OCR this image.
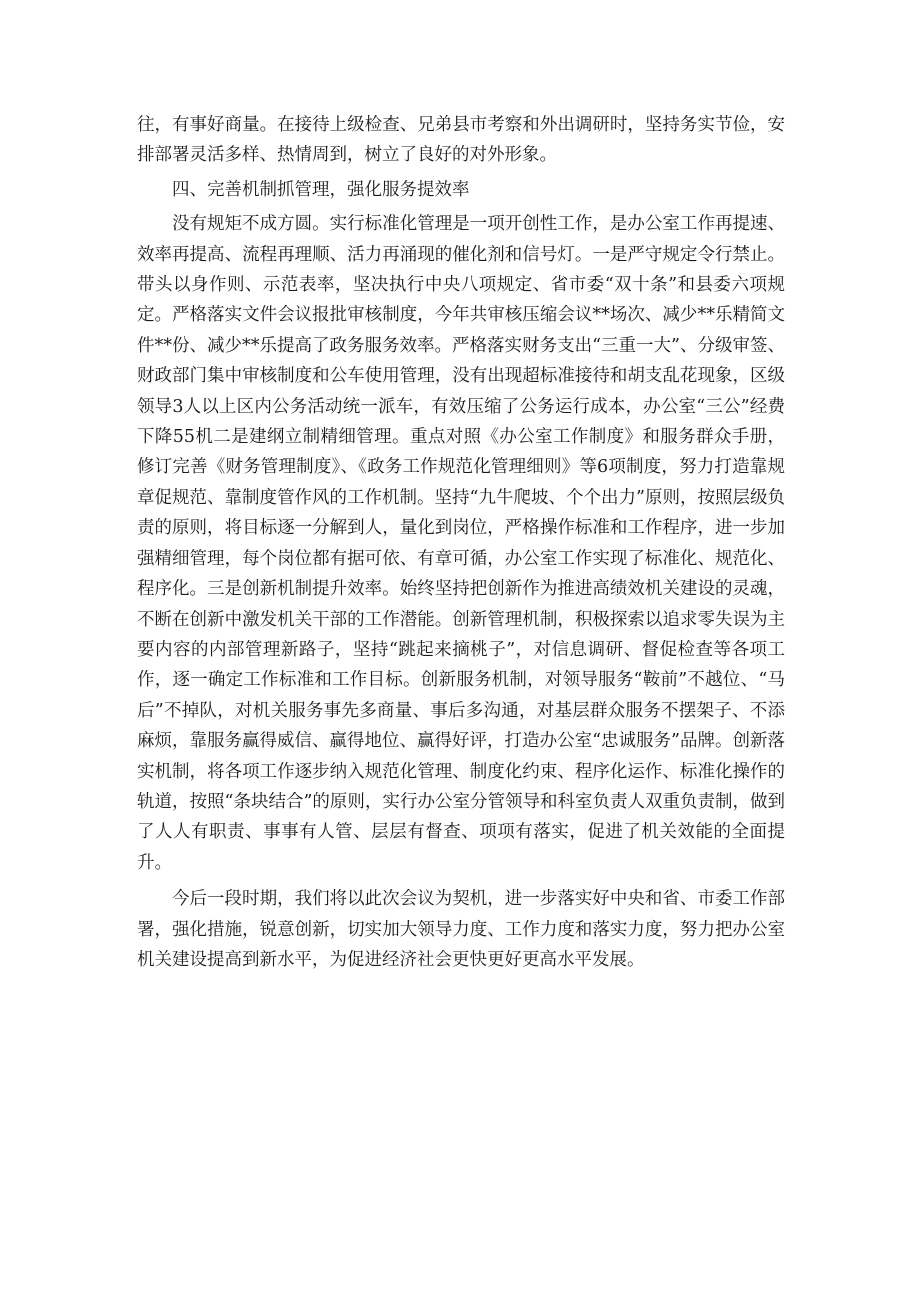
往，有事好商量。在接待上级检查、兄弟县市考察和外出调研时，坚持务实节俭，安排部署灵活多样、热情周到，树立了良好的对外形象。

四、完善机制抓管理，强化服务提效率

没有规矩不成方圆。实行标准化管理是一项开创性工作，是办公室工作再提速、效率再提高、流程再理顺、活力再涌现的催化剂和信号灯。一是严守规定令行禁止。带头以身作则、示范表率，坚决执行中央八项规定、省市委“双十条”和县委六项规定。严格落实文件会议报批审核制度，今年共审核压缩会议**场次、减少**乐精简文件**份、减少**乐提高了政务服务效率。严格落实财务支出“三重一大”、分级审签、财政部门集中审核制度和公车使用管理，没有出现超标准接待和胡支乱花现象，区级领导3人以上区内公务活动统一派车，有效压缩了公务运行成本，办公室“三公”经费下降55机二是建纲立制精细管理。重点对照《办公室工作制度》和服务群众手册，修订完善《财务管理制度》、《政务工作规范化管理细则》等6项制度，努力打造靠规章促规范、靠制度管作风的工作机制。坚持“九牛爬坡、个个出力”原则，按照层级负责的原则，将目标逐一分解到人，量化到岗位，严格操作标准和工作程序，进一步加强精细管理，每个岗位都有据可依、有章可循，办公室工作实现了标准化、规范化、程序化。三是创新机制提升效率。始终坚持把创新作为推进高绩效机关建设的灵魂，不断在创新中激发机关干部的工作潜能。创新管理机制，积极探索以追求零失误为主要内容的内部管理新路子，坚持“跳起来摘桃子”，对信息调研、督促检查等各项工作，逐一确定工作标准和工作目标。创新服务机制，对领导服务“鞍前”不越位、“马后”不掉队，对机关服务事先多商量、事后多沟通，对基层群众服务不摆架子、不添麻烦，靠服务赢得威信、赢得地位、赢得好评，打造办公室“忠诚服务”品牌。创新落实机制，将各项工作逐步纳入规范化管理、制度化约束、程序化运作、标准化操作的轨道，按照“条块结合”的原则，实行办公室分管领导和科室负责人双重负责制，做到了人人有职责、事事有人管、层层有督查、项项有落实，促进了机关效能的全面提升。

今后一段时期，我们将以此次会议为契机，进一步落实好中央和省、市委工作部署，强化措施，锐意创新，切实加大领导力度、工作力度和落实力度，努力把办公室机关建设提高到新水平，为促进经济社会更快更好更高水平发展。
